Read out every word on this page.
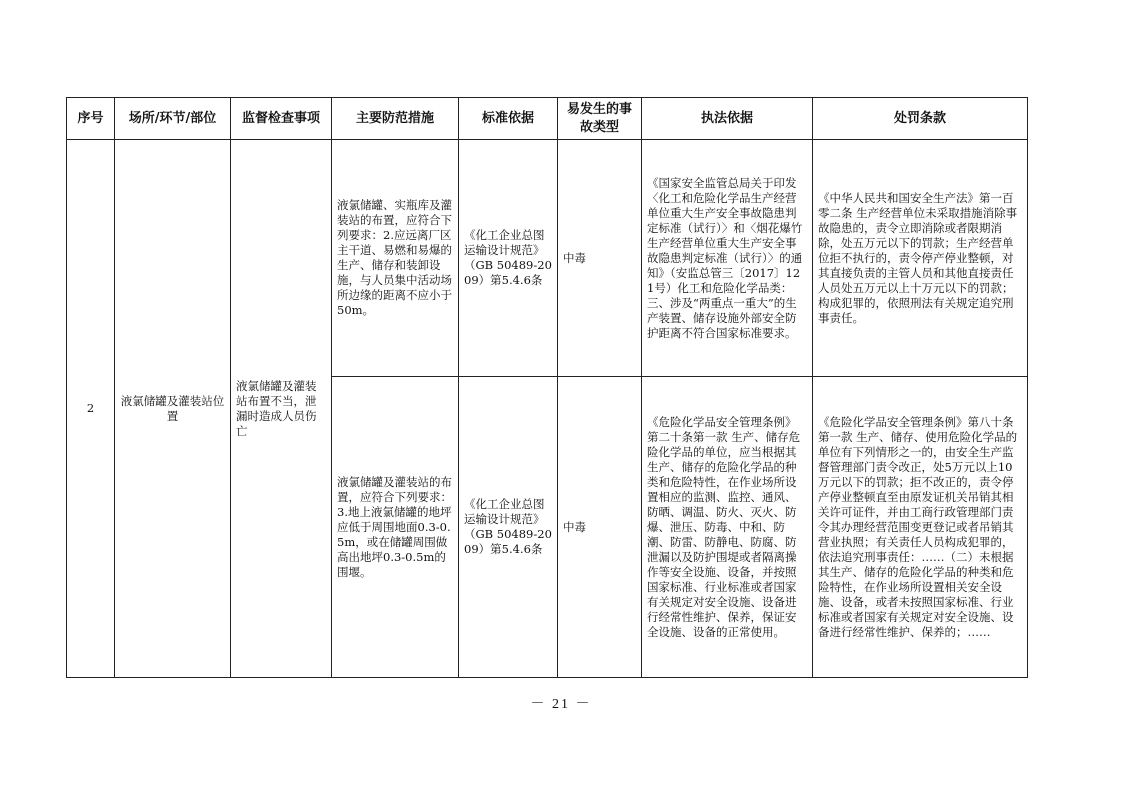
序号	场所/环节/部位	监督检查事项	主要防范措施	标准依据	易发生的事故类型	执法依据	处罚条款
2	液氯储罐及灌装站位置	液氯储罐及灌装站布置不当，泄漏时造成人员伤亡	液氯储罐、实瓶库及灌装站的布置，应符合下列要求：2.应远离厂区主干道、易燃和易爆的生产、储存和装卸设施，与人员集中活动场所边缘的距离不应小于50m。	《化工企业总图运输设计规范》（GB 50489-2009）第5.4.6条	中毒	《国家安全监管总局关于印发〈化工和危险化学品生产经营单位重大生产安全事故隐患判定标准（试行）〉和〈烟花爆竹生产经营单位重大生产安全事故隐患判定标准（试行）〉的通知》（安监总管三〔2017〕121号）化工和危险化学品类：三、涉及“两重点一重大”的生产装置、储存设施外部安全防护距离不符合国家标准要求。	《中华人民共和国安全生产法》第一百零二条 生产经营单位未采取措施消除事故隐患的，责令立即消除或者限期消除，处五万元以下的罚款；生产经营单位拒不执行的，责令停产停业整顿，对其直接负责的主管人员和其他直接责任人员处五万元以上十万元以下的罚款；构成犯罪的，依照刑法有关规定追究刑事责任。
			液氯储罐及灌装站的布置，应符合下列要求：3.地上液氯储罐的地坪应低于周围地面0.3-0.5m，或在储罐周围做高出地坪0.3-0.5m的围堰。	《化工企业总图运输设计规范》（GB 50489-2009）第5.4.6条	中毒	《危险化学品安全管理条例》第二十条第一款 生产、储存危险化学品的单位，应当根据其生产、储存的危险化学品的种类和危险特性，在作业场所设置相应的监测、监控、通风、防晒、调温、防火、灭火、防爆、泄压、防毒、中和、防潮、防雷、防静电、防腐、防泄漏以及防护围堤或者隔离操作等安全设施、设备，并按照国家标准、行业标准或者国家有关规定对安全设施、设备进行经常性维护、保养，保证安全设施、设备的正常使用。	《危险化学品安全管理条例》第八十条第一款 生产、储存、使用危险化学品的单位有下列情形之一的，由安全生产监督管理部门责令改正，处5万元以上10万元以下的罚款；拒不改正的，责令停产停业整顿直至由原发证机关吊销其相关许可证件，并由工商行政管理部门责令其办理经营范围变更登记或者吊销其营业执照；有关责任人员构成犯罪的，依法追究刑事责任：……（二）未根据其生产、储存的危险化学品的种类和危险特性，在作业场所设置相关安全设施、设备，或者未按照国家标准、行业标准或者国家有关规定对安全设施、设备进行经常性维护、保养的；……
－ 21 －
